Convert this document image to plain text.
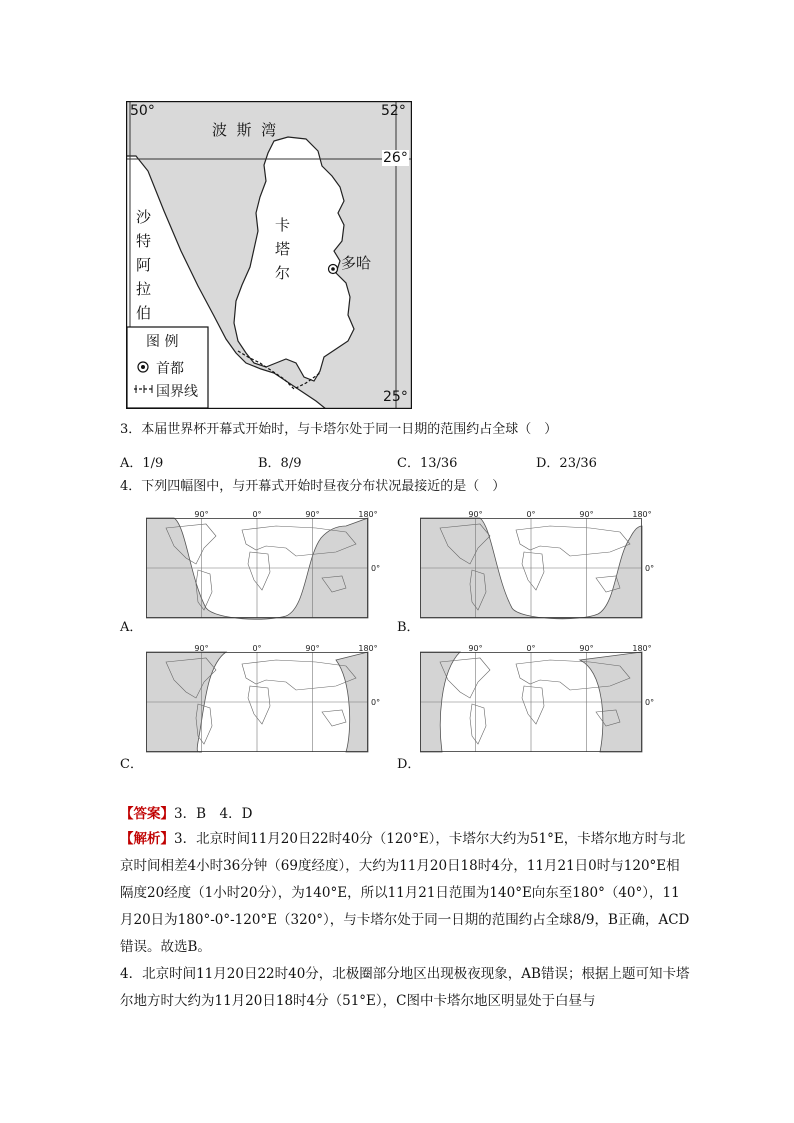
50°	52°
26°
25°
波  斯  湾
沙
特
阿
拉
伯
卡
塔
尔
多哈
图 例
首都
国界线
3．本届世界杯开幕式开始时，与卡塔尔处于同一日期的范围约占全球（　）
A．1/9	B．8/9	C．13/36	D．23/36
4．下列四幅图中，与开幕式开始时昼夜分布状况最接近的是（　）
90°	0°	90°	180°
0°
A．
90°	0°	90°	180°
0°
B．
90°	0°	90°	180°
0°
C．
90°	0°	90°	180°
0°
D．
【答案】3．B　4．D
【解析】3．北京时间11月20日22时40分（120°E），卡塔尔大约为51°E，卡塔尔地方时与北京时间相差4小时36分钟（69度经度），大约为11月20日18时4分，11月21日0时与120°E相隔度20经度（1小时20分），为140°E，所以11月21日范围为140°E向东至180°（40°），11月20日为180°-0°-120°E（320°），与卡塔尔处于同一日期的范围约占全球8/9，B正确，ACD错误。故选B。
4．北京时间11月20日22时40分，北极圈部分地区出现极夜现象，AB错误；根据上题可知卡塔尔地方时大约为11月20日18时4分（51°E），C图中卡塔尔地区明显处于白昼与
